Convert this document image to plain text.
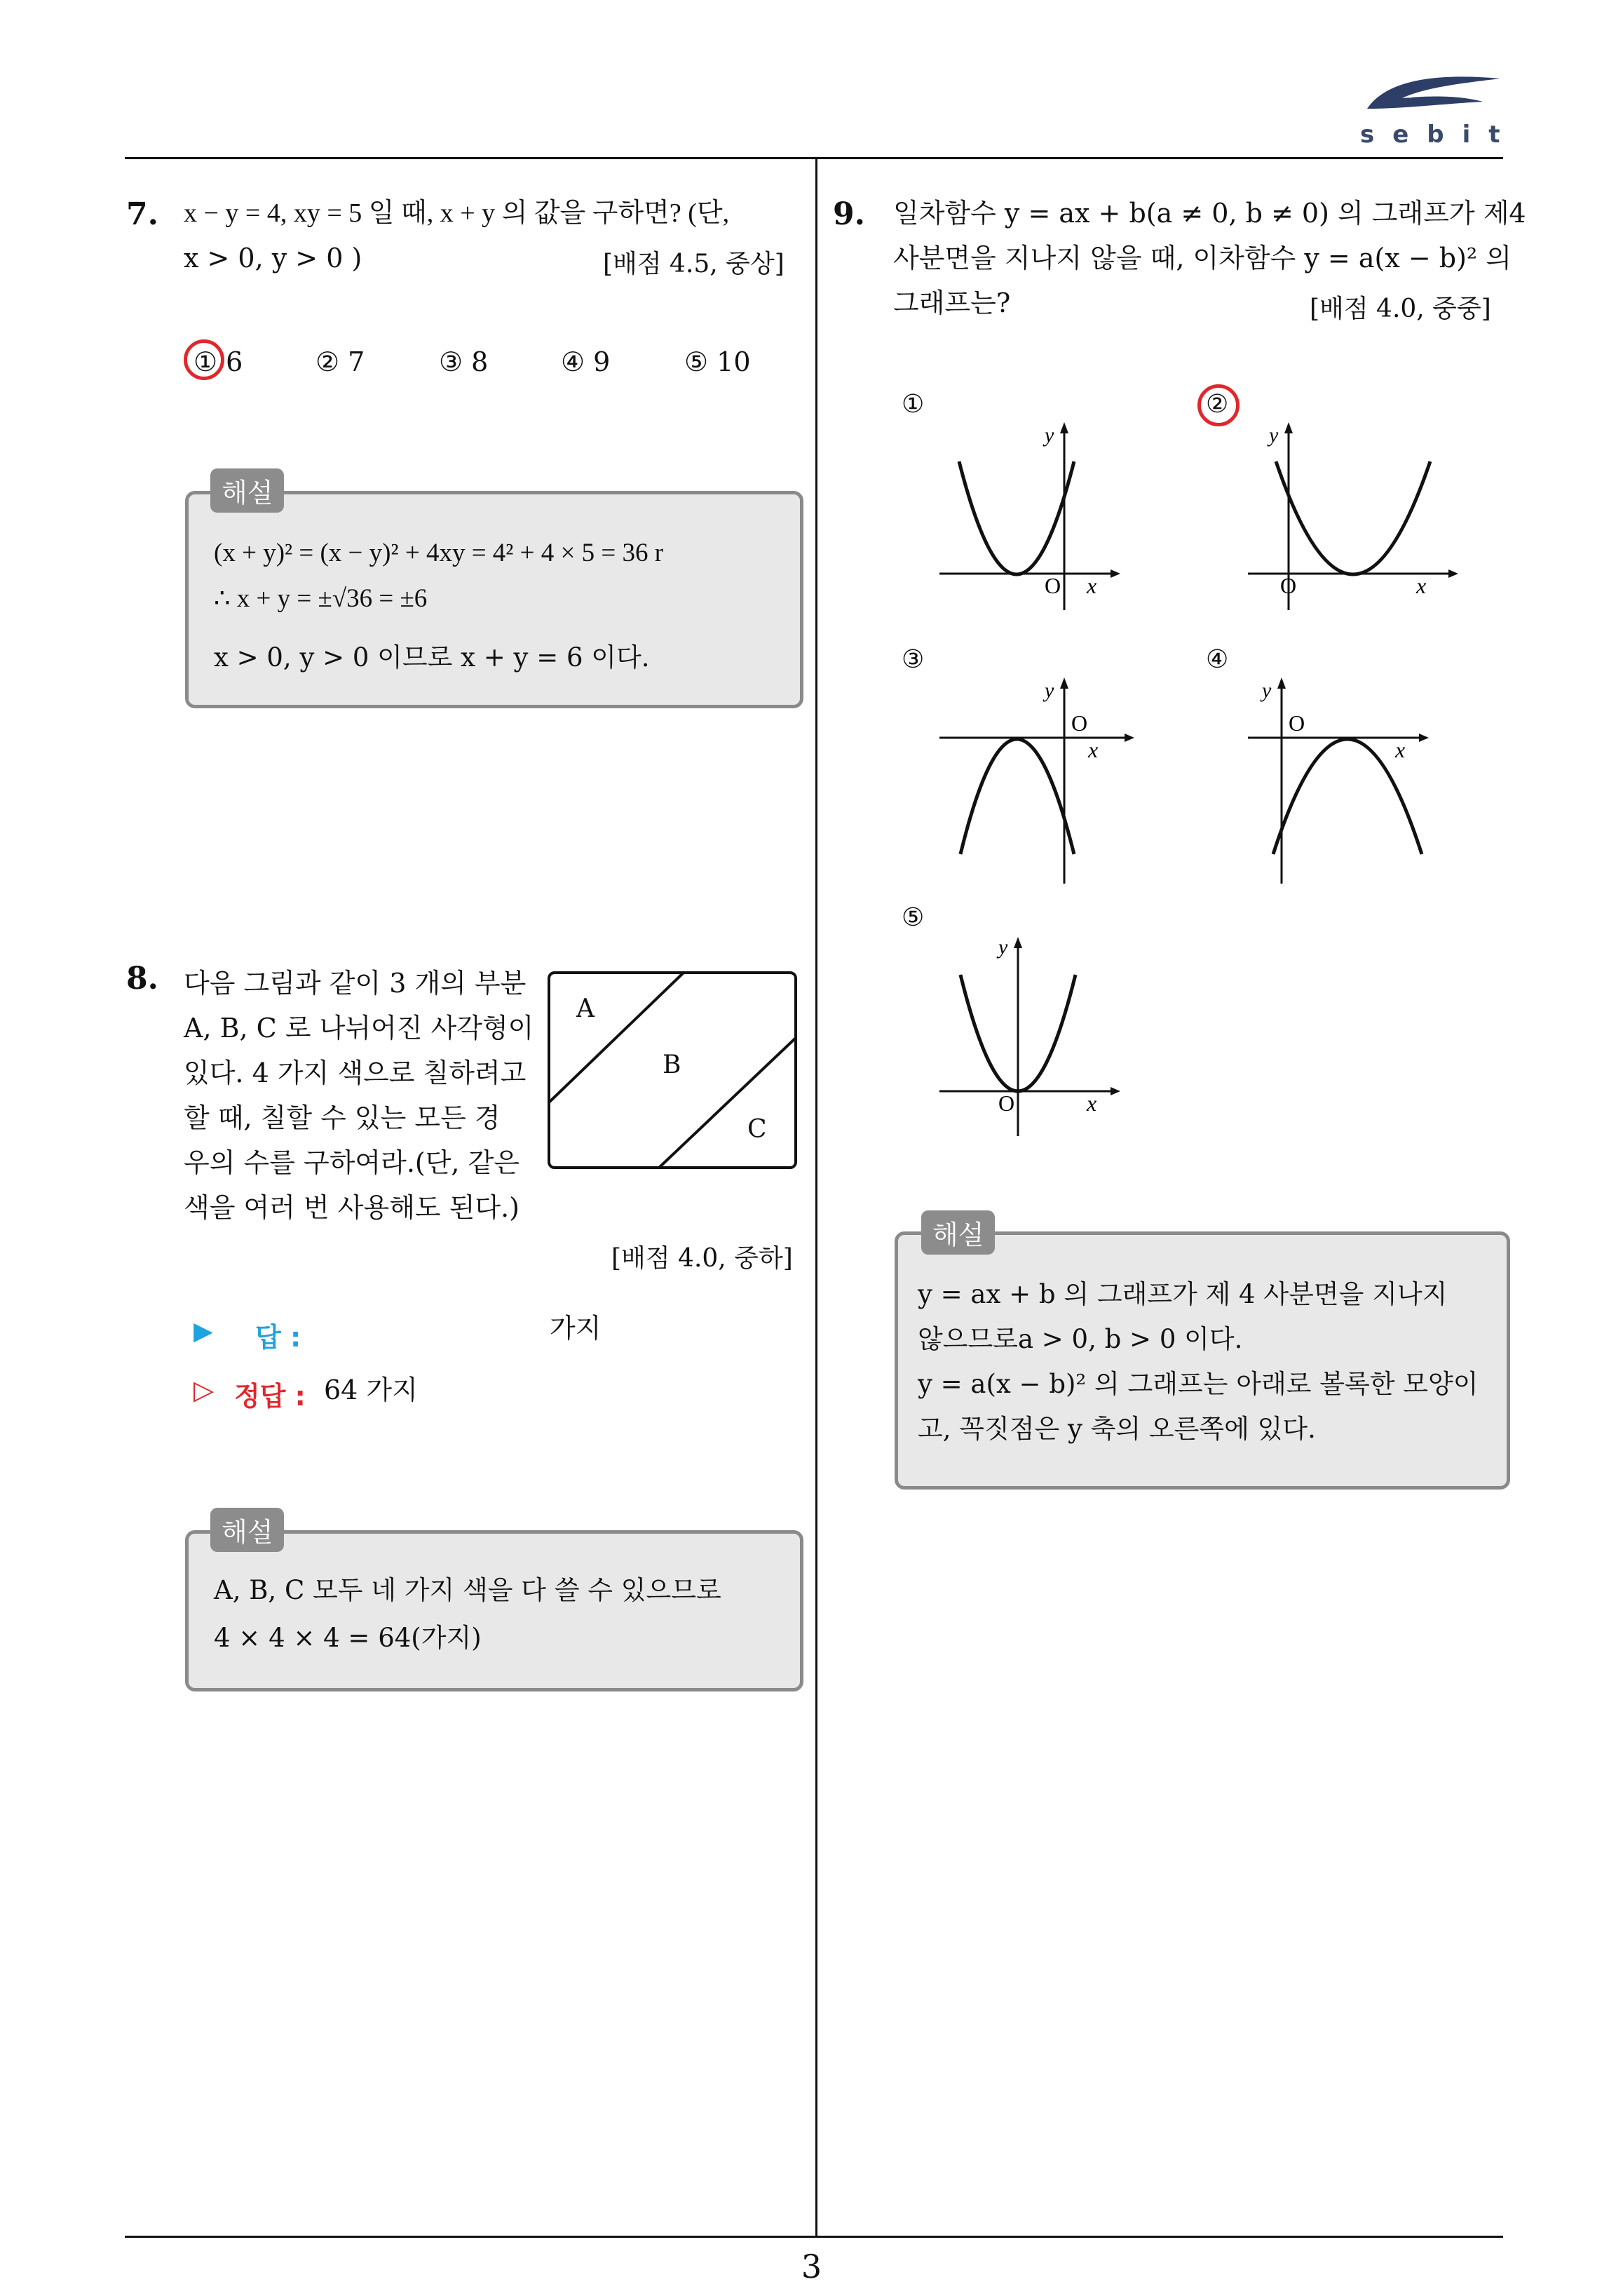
sebit
7. x − y = 4, xy = 5 일 때, x + y 의 값을 구하면? (단,
x > 0, y > 0 )	[배점 4.5, 중상]
① 6	② 7	③ 8	④ 9	⑤ 10
(x + y)² = (x − y)² + 4xy = 4² + 4 × 5 = 36 r
∴ x + y = ±√36 = ±6
x > 0, y > 0 이므로 x + y = 6 이다.
해설
8. 다음 그림과 같이 3 개의 부분
A, B, C 로 나뉘어진 사각형이
있다. 4 가지 색으로 칠하려고
할 때, 칠할 수 있는 모든 경
우의 수를 구하여라.(단, 같은
색을 여러 번 사용해도 된다.)
[배점 4.0, 중하]
A
B
C
▶ 답 :	가지
▷ 정답 : 64 가지
A, B, C 모두 네 가지 색을 다 쓸 수 있으므로
4 × 4 × 4 = 64(가지)
해설
9. 일차함수 y = ax + b(a ≠ 0, b ≠ 0) 의 그래프가 제4
사분면을 지나지 않을 때, 이차함수 y = a(x − b)² 의
그래프는?	[배점 4.0, 중중]
①	②
③	④
⑤
O x
y
O	x
y
O
x
y
O
x
y
O	x
y
y = ax + b 의 그래프가 제 4 사분면을 지나지
않으므로a > 0, b > 0 이다.
y = a(x − b)² 의 그래프는 아래로 볼록한 모양이
고, 꼭짓점은 y 축의 오른쪽에 있다.
해설
3
